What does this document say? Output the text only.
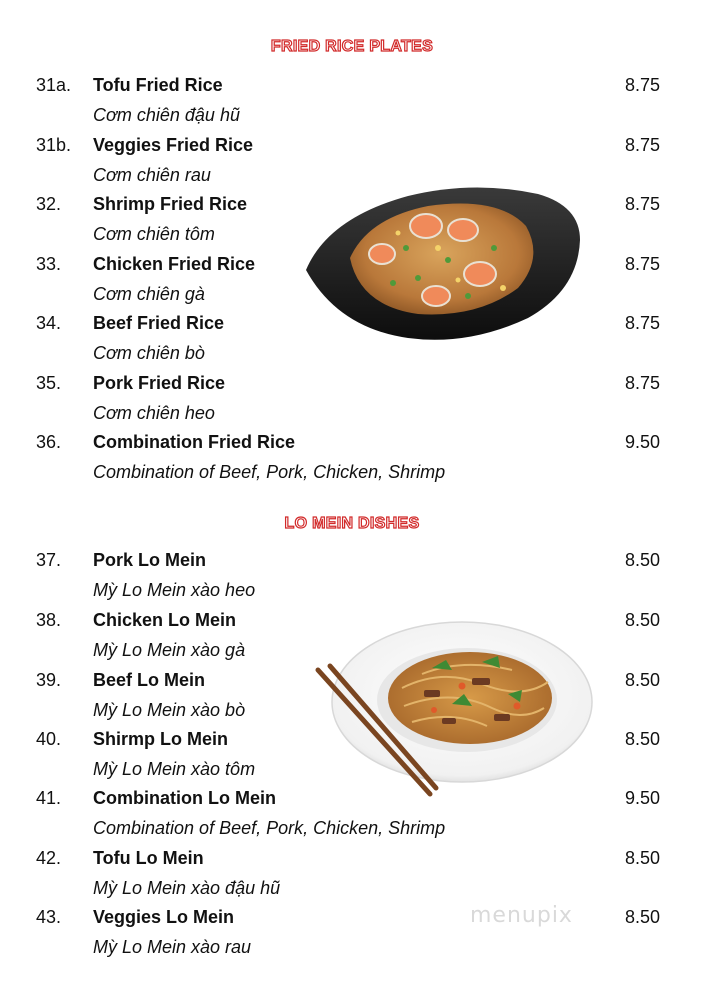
FRIED RICE PLATES
31a. Tofu Fried Rice	8.75
Cơm chiên đậu hũ
31b. Veggies Fried Rice	8.75
Cơm chiên rau
32. Shrimp Fried Rice	8.75
Cơm chiên tôm
33. Chicken Fried Rice	8.75
Cơm chiên gà
34. Beef Fried Rice	8.75
Cơm chiên bò
35. Pork Fried Rice	8.75
Cơm chiên heo
36. Combination Fried Rice	9.50
Combination of Beef, Pork, Chicken, Shrimp
LO MEIN DISHES
37. Pork Lo Mein	8.50
Mỳ Lo Mein xào heo
38. Chicken Lo Mein	8.50
Mỳ Lo Mein xào gà
39. Beef Lo Mein	8.50
Mỳ Lo Mein xào bò
40. Shirmp Lo Mein	8.50
Mỳ Lo Mein xào tôm
41. Combination Lo Mein	9.50
Combination of Beef, Pork, Chicken, Shrimp
42. Tofu Lo Mein	8.50
Mỳ Lo Mein xào đậu hũ
43. Veggies Lo Mein	8.50
Mỳ Lo Mein xào rau
menupix
